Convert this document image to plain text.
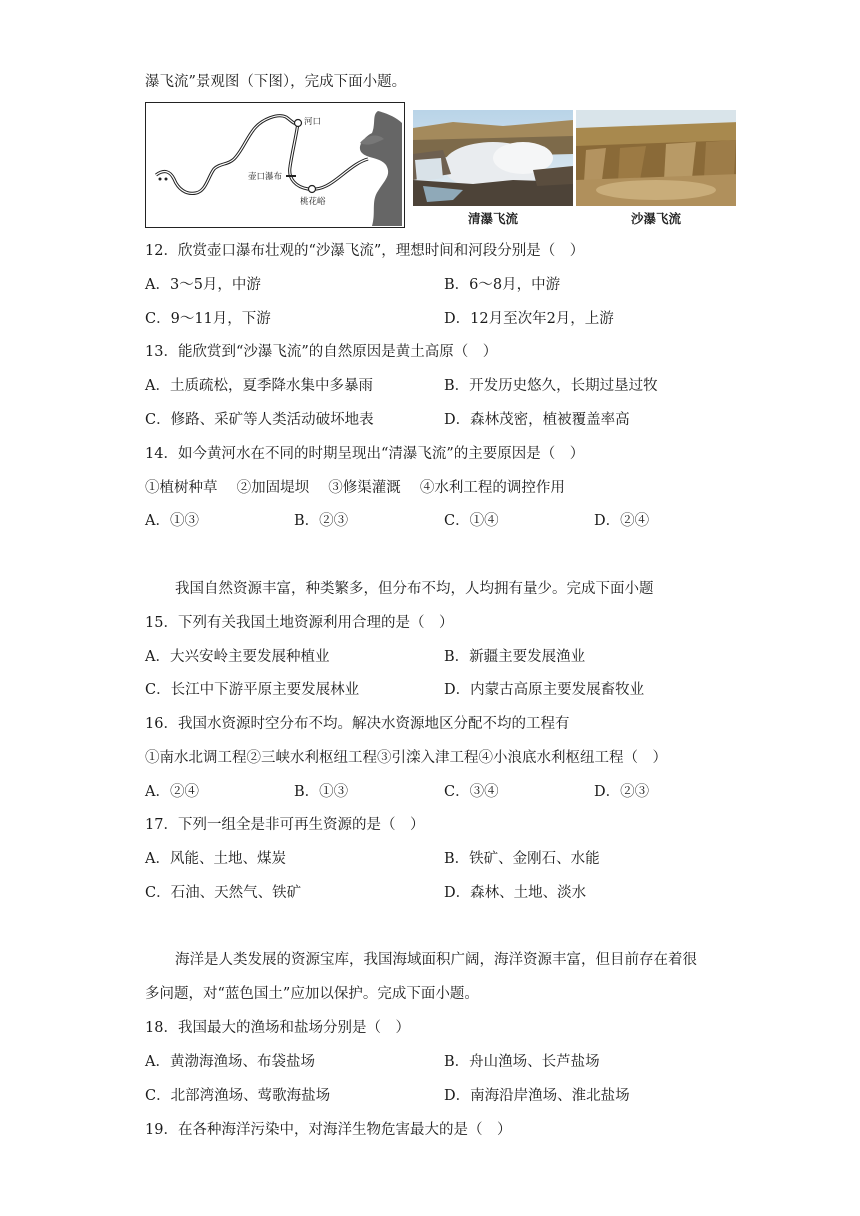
瀑飞流”景观图（下图），完成下面小题。
河口
壶口瀑布
桃花峪
清瀑飞流	沙瀑飞流
12．欣赏壶口瀑布壮观的“沙瀑飞流”，理想时间和河段分别是（　）
A．3～5月，中游	B．6～8月，中游
C．9～11月，下游	D．12月至次年2月，上游
13．能欣赏到“沙瀑飞流”的自然原因是黄土高原（　）
A．土质疏松，夏季降水集中多暴雨	B．开发历史悠久，长期过垦过牧
C．修路、采矿等人类活动破坏地表	D．森林茂密，植被覆盖率高
14．如今黄河水在不同的时期呈现出“清瀑飞流”的主要原因是（　）
①植树种草　 ②加固堤坝　 ③修渠灌溉　 ④水利工程的调控作用
A．①③	B．②③	C．①④	D．②④
我国自然资源丰富，种类繁多，但分布不均，人均拥有量少。完成下面小题
15．下列有关我国土地资源利用合理的是（　）
A．大兴安岭主要发展种植业	B．新疆主要发展渔业
C．长江中下游平原主要发展林业	D．内蒙古高原主要发展畜牧业
16．我国水资源时空分布不均。解决水资源地区分配不均的工程有
①南水北调工程②三峡水利枢纽工程③引滦入津工程④小浪底水利枢纽工程（　）
A．②④	B．①③	C．③④	D．②③
17．下列一组全是非可再生资源的是（　）
A．风能、土地、煤炭	B．铁矿、金刚石、水能
C．石油、天然气、铁矿	D．森林、土地、淡水
海洋是人类发展的资源宝库，我国海域面积广阔，海洋资源丰富，但目前存在着很
多问题，对“蓝色国土”应加以保护。完成下面小题。
18．我国最大的渔场和盐场分别是（　）
A．黄渤海渔场、布袋盐场	B．舟山渔场、长芦盐场
C．北部湾渔场、莺歌海盐场	D．南海沿岸渔场、淮北盐场
19．在各种海洋污染中，对海洋生物危害最大的是（　）
